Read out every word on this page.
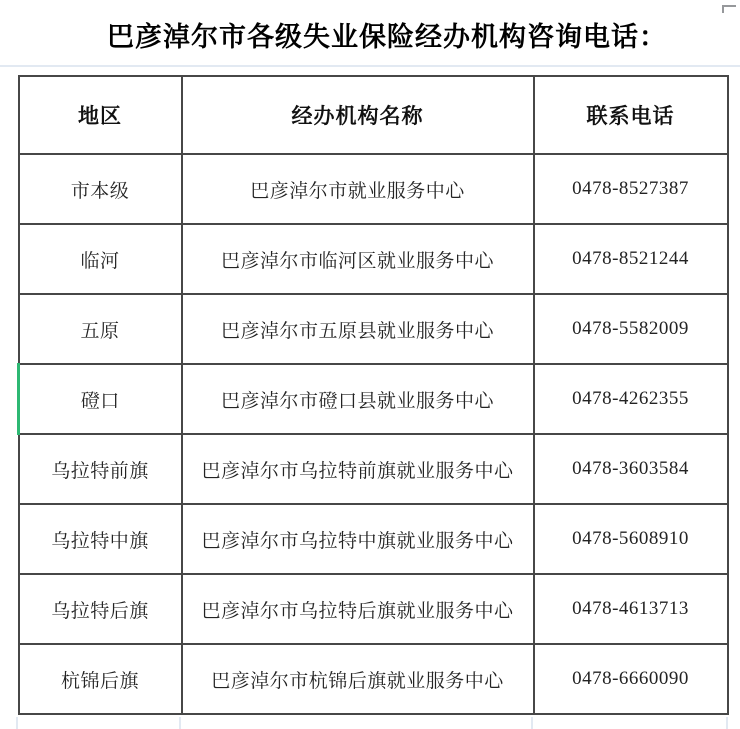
巴彦淖尔市各级失业保险经办机构咨询电话：
地区	经办机构名称	联系电话
市本级	巴彦淖尔市就业服务中心	0478-8527387
临河	巴彦淖尔市临河区就业服务中心	0478-8521244
五原	巴彦淖尔市五原县就业服务中心	0478-5582009
磴口	巴彦淖尔市磴口县就业服务中心	0478-4262355
乌拉特前旗	巴彦淖尔市乌拉特前旗就业服务中心	0478-3603584
乌拉特中旗	巴彦淖尔市乌拉特中旗就业服务中心	0478-5608910
乌拉特后旗	巴彦淖尔市乌拉特后旗就业服务中心	0478-4613713
杭锦后旗	巴彦淖尔市杭锦后旗就业服务中心	0478-6660090
